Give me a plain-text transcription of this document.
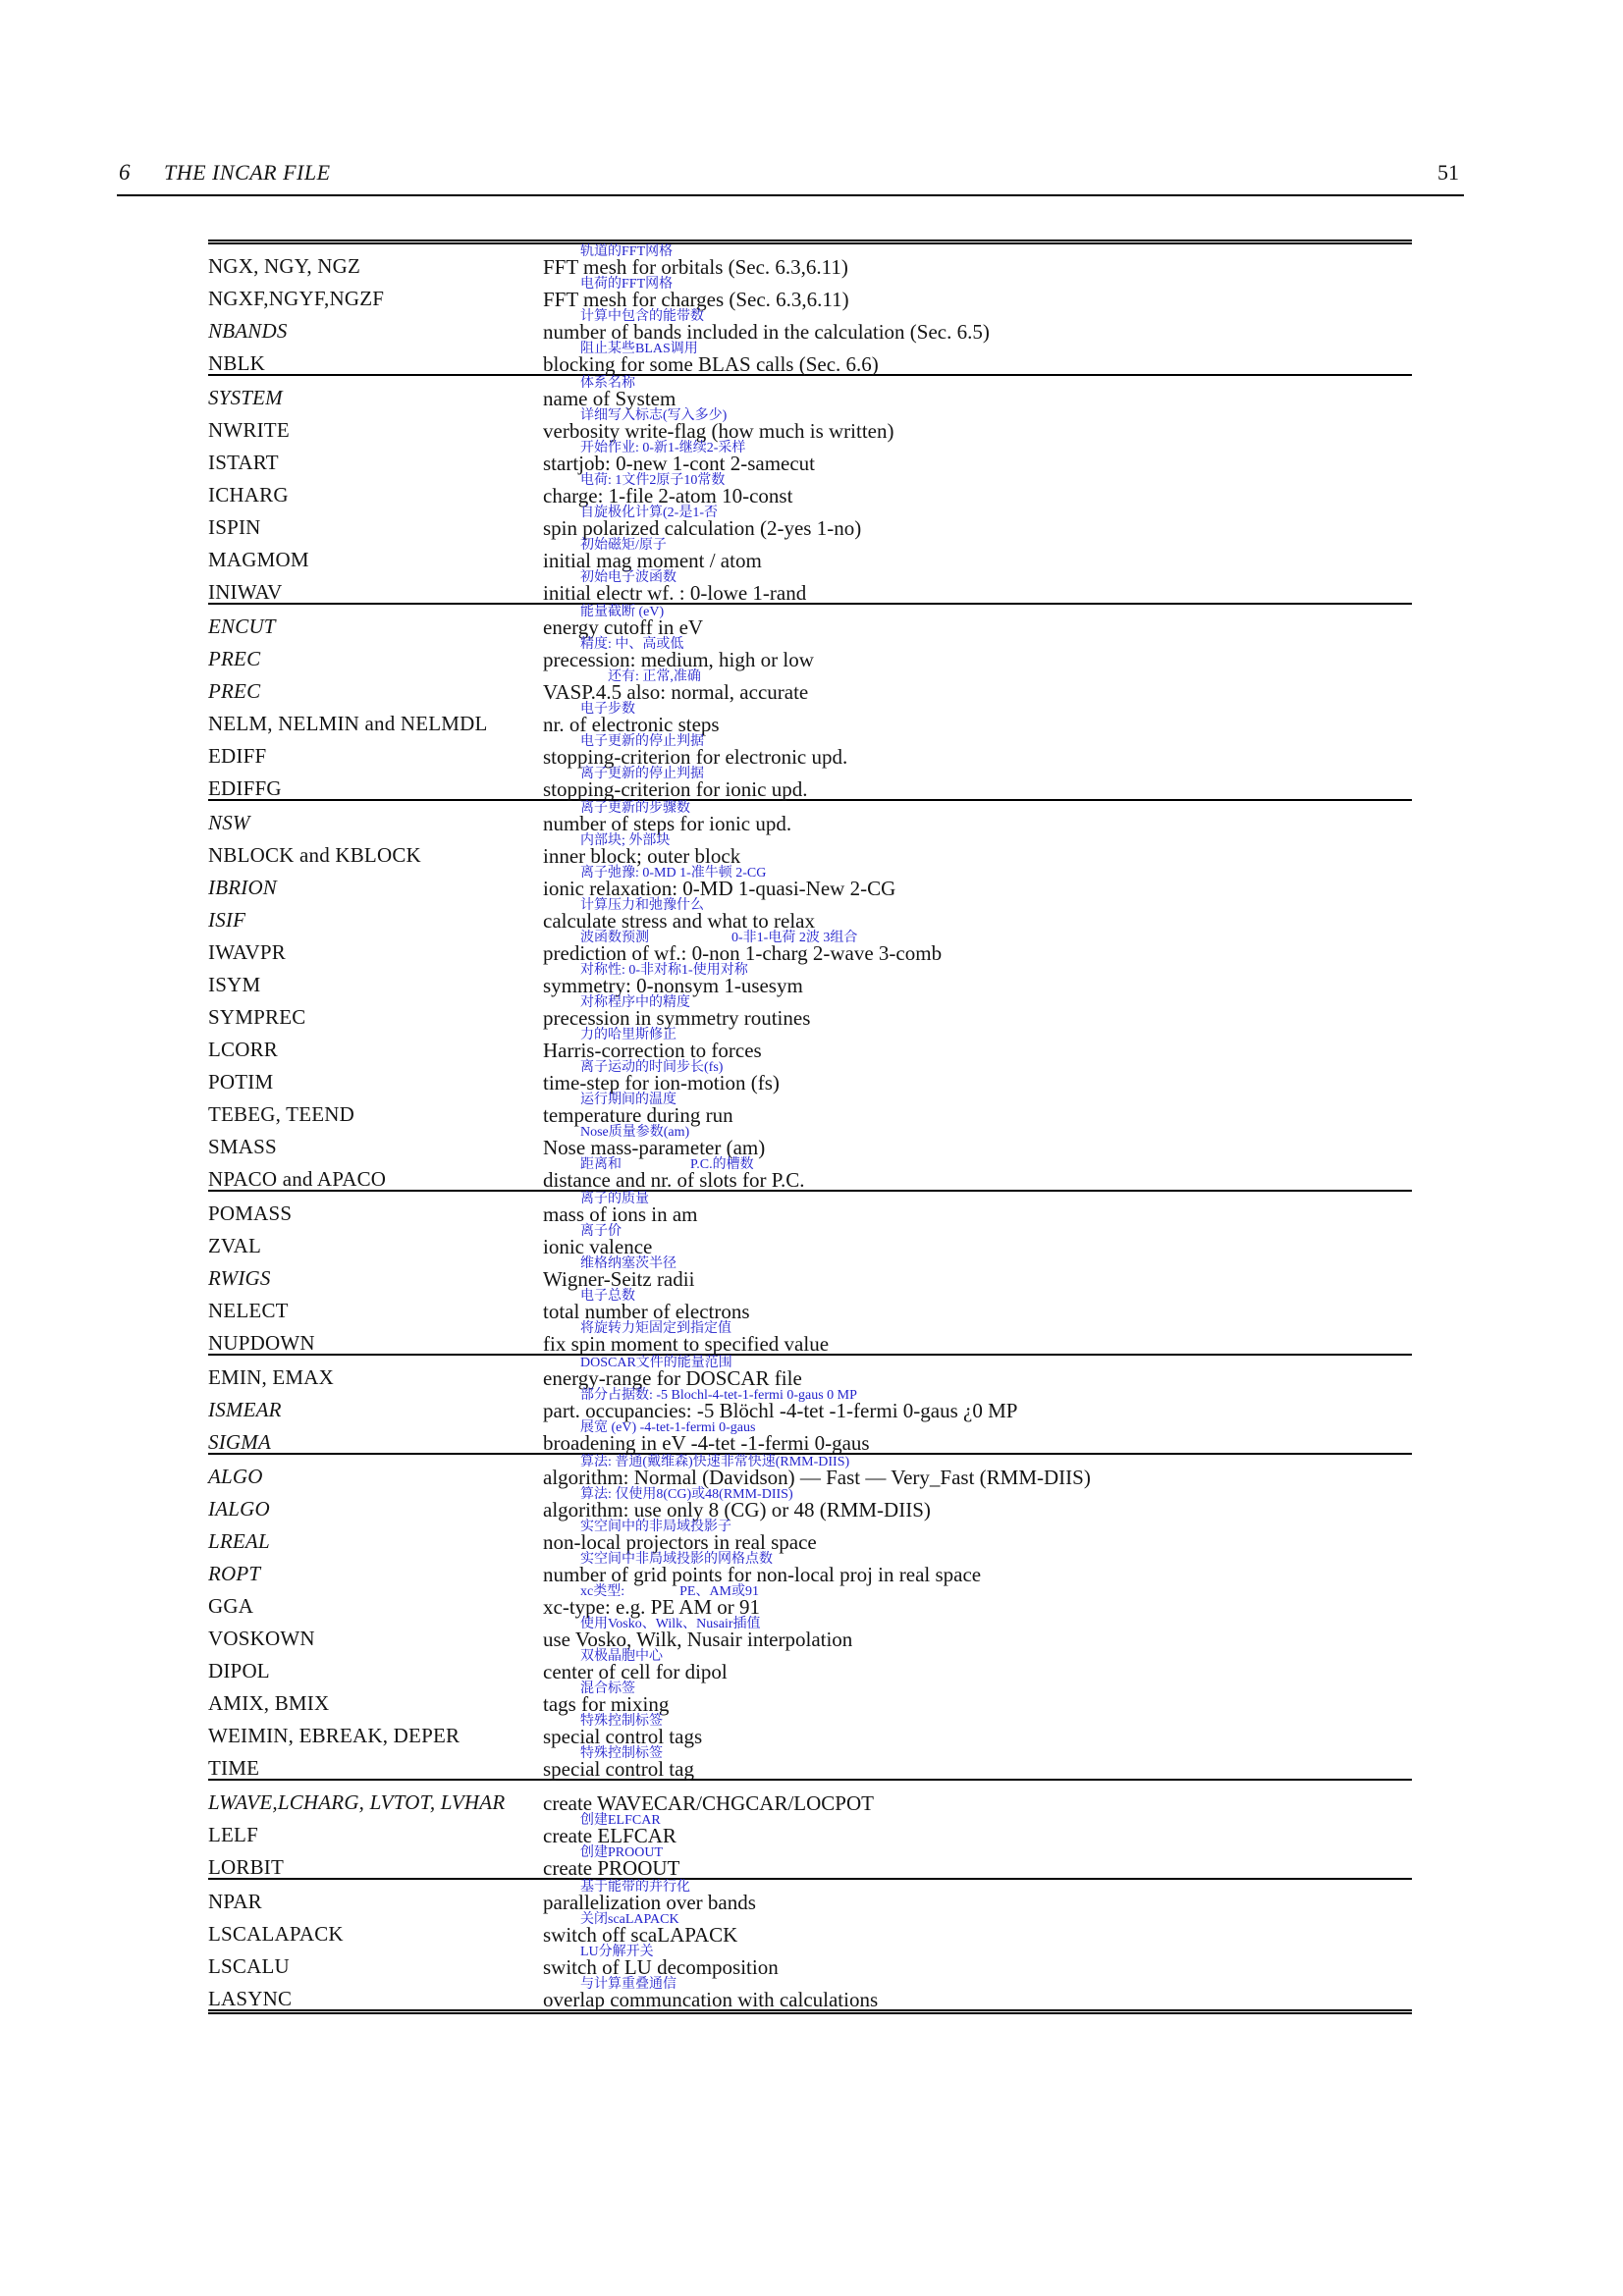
6 THE INCAR FILE	51
NGX, NGY, NGZ
轨道的FFT网格
FFT mesh for orbitals (Sec. 6.3,6.11)
NGXF,NGYF,NGZF
电荷的FFT网格
FFT mesh for charges (Sec. 6.3,6.11)
NBANDS
计算中包含的能带数
number of bands included in the calculation (Sec. 6.5)
NBLK
阻止某些BLAS调用
blocking for some BLAS calls (Sec. 6.6)
SYSTEM
体系名称
name of System
NWRITE
详细写入标志(写入多少)
verbosity write-flag (how much is written)
ISTART
开始作业: 0-新1-继续2-采样
startjob: 0-new 1-cont 2-samecut
ICHARG
电荷: 1文件2原子10常数
charge: 1-file 2-atom 10-const
ISPIN
自旋极化计算(2-是1-否
spin polarized calculation (2-yes 1-no)
MAGMOM
初始磁矩/原子
initial mag moment / atom
INIWAV
初始电子波函数
initial electr wf. : 0-lowe 1-rand
ENCUT
能量截断 (eV)
energy cutoff in eV
PREC
精度: 中、高或低
precession: medium, high or low
PREC
　　还有: 正常,准确
VASP.4.5 also: normal, accurate
NELM, NELMIN and NELMDL
电子步数
nr. of electronic steps
EDIFF
电子更新的停止判据
stopping-criterion for electronic upd.
EDIFFG
离子更新的停止判据
stopping-criterion for ionic upd.
NSW
离子更新的步骤数
number of steps for ionic upd.
NBLOCK and KBLOCK
内部块; 外部块
inner block; outer block
IBRION
离子弛豫: 0-MD 1-准牛顿 2-CG
ionic relaxation: 0-MD 1-quasi-New 2-CG
ISIF
计算压力和弛豫什么
calculate stress and what to relax
IWAVPR
波函数预测　　　　　　0-非1-电荷 2波 3组合
prediction of wf.: 0-non 1-charg 2-wave 3-comb
ISYM
对称性: 0-非对称1-使用对称
symmetry: 0-nonsym 1-usesym
SYMPREC
对称程序中的精度
precession in symmetry routines
LCORR
力的哈里斯修正
Harris-correction to forces
POTIM
离子运动的时间步长(fs)
time-step for ion-motion (fs)
TEBEG, TEEND
运行期间的温度
temperature during run
SMASS
Nose质量参数(am)
Nose mass-parameter (am)
NPACO and APACO
距离和　　　　　P.C.的槽数
distance and nr. of slots for P.C.
POMASS
离子的质量
mass of ions in am
ZVAL
离子价
ionic valence
RWIGS
维格纳塞茨半径
Wigner-Seitz radii
NELECT
电子总数
total number of electrons
NUPDOWN
将旋转力矩固定到指定值
fix spin moment to specified value
EMIN, EMAX
DOSCAR文件的能量范围
energy-range for DOSCAR file
ISMEAR
部分占据数: -5 Blochl-4-tet-1-fermi 0-gaus 0 MP
part. occupancies: -5 Blöchl -4-tet -1-fermi 0-gaus ¿0 MP
SIGMA
展宽 (eV) -4-tet-1-fermi 0-gaus
broadening in eV -4-tet -1-fermi 0-gaus
ALGO
算法: 普通(戴维森)快速非常快速(RMM-DIIS)
algorithm: Normal (Davidson) — Fast — Very_Fast (RMM-DIIS)
IALGO
算法: 仅使用8(CG)或48(RMM-DIIS)
algorithm: use only 8 (CG) or 48 (RMM-DIIS)
LREAL
实空间中的非局域投影子
non-local projectors in real space
ROPT
实空间中非局域投影的网格点数
number of grid points for non-local proj in real space
GGA
xc类型:　　　　PE、AM或91
xc-type: e.g. PE AM or 91
VOSKOWN
使用Vosko、Wilk、Nusair插值
use Vosko, Wilk, Nusair interpolation
DIPOL
双极晶胞中心
center of cell for dipol
AMIX, BMIX
混合标签
tags for mixing
WEIMIN, EBREAK, DEPER
特殊控制标签
special control tags
TIME
特殊控制标签
special control tag
LWAVE,LCHARG, LVTOT, LVHAR	create WAVECAR/CHGCAR/LOCPOT
LELF
创建ELFCAR
create ELFCAR
LORBIT
创建PROOUT
create PROOUT
NPAR
基于能带的并行化
parallelization over bands
LSCALAPACK
关闭scaLAPACK
switch off scaLAPACK
LSCALU
LU分解开关
switch of LU decomposition
LASYNC
与计算重叠通信
overlap communcation with calculations
